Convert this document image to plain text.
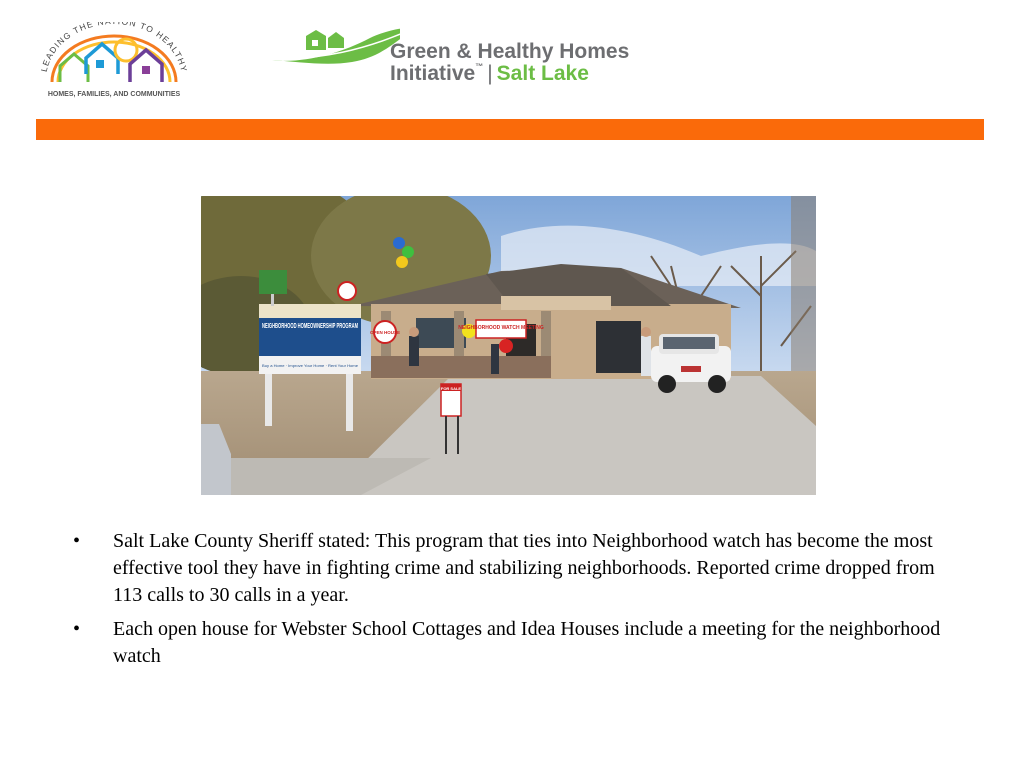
LEADING THE N N TO HEALTHY
HOMES, FAMILIES, AND COMMUNITIES
Green & Healthy Homes
Initiative™ | Salt Lake
NEIGHBORHOOD WATCH MEETING
OPEN HOUSE
NEIGHBORHOOD HOMEOWNERSHIP PROGRAM
Buy a Home · Improve Your Home · Rent Your Home
FOR SALE
• Salt Lake County Sheriff stated: This program that ties into Neighborhood watch has become the most effective tool they have in fighting crime and stabilizing neighborhoods. Reported crime dropped from 113 calls to 30 calls in a year.
• Each open house for Webster School Cottages and Idea Houses include a meeting for the neighborhood watch
